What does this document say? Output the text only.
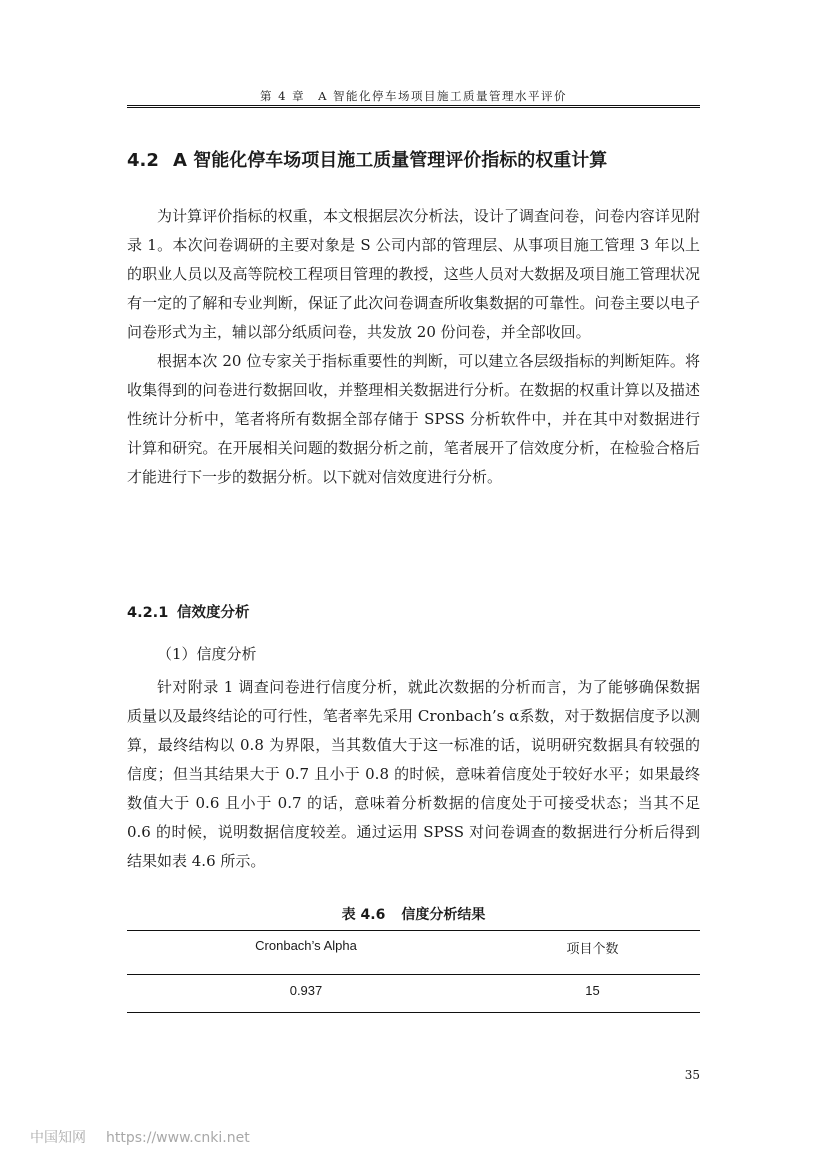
第 4 章　A 智能化停车场项目施工质量管理水平评价
4.2 A 智能化停车场项目施工质量管理评价指标的权重计算

为计算评价指标的权重，本文根据层次分析法，设计了调查问卷，问卷内容详见附录 1。本次问卷调研的主要对象是 S 公司内部的管理层、从事项目施工管理 3 年以上的职业人员以及高等院校工程项目管理的教授，这些人员对大数据及项目施工管理状况有一定的了解和专业判断，保证了此次问卷调查所收集数据的可靠性。问卷主要以电子问卷形式为主，辅以部分纸质问卷，共发放 20 份问卷，并全部收回。

根据本次 20 位专家关于指标重要性的判断，可以建立各层级指标的判断矩阵。将收集得到的问卷进行数据回收，并整理相关数据进行分析。在数据的权重计算以及描述性统计分析中，笔者将所有数据全部存储于 SPSS 分析软件中，并在其中对数据进行计算和研究。在开展相关问题的数据分析之前，笔者展开了信效度分析，在检验合格后才能进行下一步的数据分析。以下就对信效度进行分析。

4.2.1 信效度分析
（1）信度分析

针对附录 1 调查问卷进行信度分析，就此次数据的分析而言，为了能够确保数据质量以及最终结论的可行性，笔者率先采用 Cronbach’s α系数，对于数据信度予以测算，最终结构以 0.8 为界限，当其数值大于这一标准的话，说明研究数据具有较强的信度；但当其结果大于 0.7 且小于 0.8 的时候，意味着信度处于较好水平；如果最终数值大于 0.6 且小于 0.7 的话，意味着分析数据的信度处于可接受状态；当其不足 0.6 的时候，说明数据信度较差。通过运用 SPSS 对问卷调查的数据进行分析后得到结果如表 4.6 所示。

表 4.6 信度分析结果
Cronbach’s Alpha	项目个数
0.937	15
35
中国知网 https://www.cnki.net
